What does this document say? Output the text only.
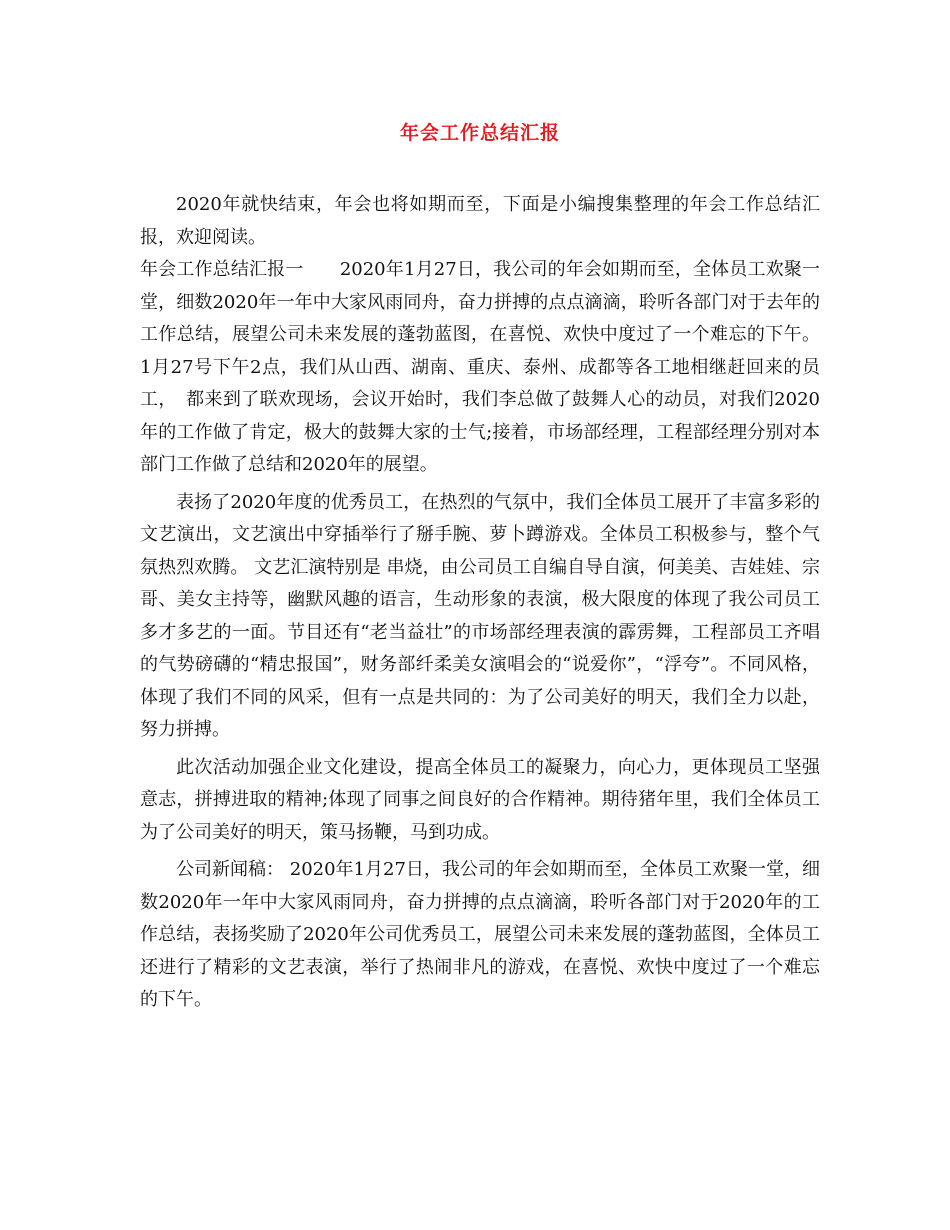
年会工作总结汇报

2020年就快结束，年会也将如期而至，下面是小编搜集整理的年会工作总结汇报，欢迎阅读。

年会工作总结汇报一　　2020年1月27日，我公司的年会如期而至，全体员工欢聚一堂，细数2020年一年中大家风雨同舟，奋力拼搏的点点滴滴，聆听各部门对于去年的工作总结，展望公司未来发展的蓬勃蓝图，在喜悦、欢快中度过了一个难忘的下午。 1月27号下午2点，我们从山西、湖南、重庆、泰州、成都等各工地相继赶回来的员工，　都来到了联欢现场，会议开始时，我们李总做了鼓舞人心的动员，对我们2020年的工作做了肯定，极大的鼓舞大家的士气;接着，市场部经理，工程部经理分别对本部门工作做了总结和2020年的展望。

表扬了2020年度的优秀员工，在热烈的气氛中，我们全体员工展开了丰富多彩的文艺演出，文艺演出中穿插举行了掰手腕、萝卜蹲游戏。全体员工积极参与，整个气氛热烈欢腾。 文艺汇演特别是 串烧，由公司员工自编自导自演，何美美、吉娃娃、宗哥、美女主持等，幽默风趣的语言，生动形象的表演，极大限度的体现了我公司员工多才多艺的一面。节目还有“老当益壮”的市场部经理表演的霹雳舞，工程部员工齐唱的气势磅礴的“精忠报国”，财务部纤柔美女演唱会的“说爱你”，“浮夸”。不同风格，体现了我们不同的风采，但有一点是共同的：为了公司美好的明天，我们全力以赴，努力拼搏。

此次活动加强企业文化建设，提高全体员工的凝聚力，向心力，更体现员工坚强意志，拼搏进取的精神;体现了同事之间良好的合作精神。期待猪年里，我们全体员工为了公司美好的明天，策马扬鞭，马到功成。

公司新闻稿： 2020年1月27日，我公司的年会如期而至，全体员工欢聚一堂，细数2020年一年中大家风雨同舟，奋力拼搏的点点滴滴，聆听各部门对于2020年的工作总结，表扬奖励了2020年公司优秀员工，展望公司未来发展的蓬勃蓝图，全体员工还进行了精彩的文艺表演，举行了热闹非凡的游戏，在喜悦、欢快中度过了一个难忘的下午。
